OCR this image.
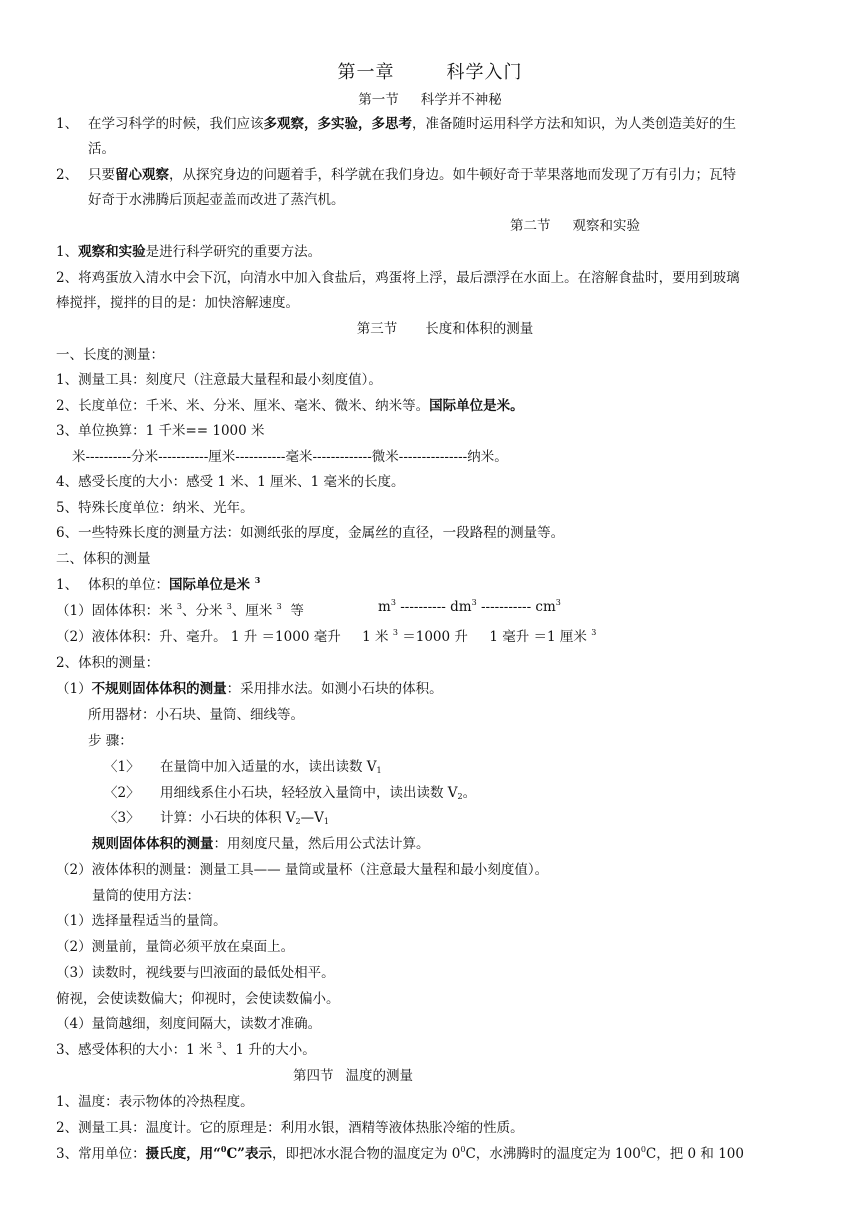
第一章	科学入门
第一节 科学并不神秘
1、 在学习科学的时候，我们应该多观察，多实验，多思考，准备随时运用科学方法和知识，为人类创造美好的生
活。
2、 只要留心观察，从探究身边的问题着手，科学就在我们身边。如牛顿好奇于苹果落地而发现了万有引力；瓦特
好奇于水沸腾后顶起壶盖而改进了蒸汽机。
第二节 观察和实验
1、观察和实验是进行科学研究的重要方法。
2、将鸡蛋放入清水中会下沉，向清水中加入食盐后，鸡蛋将上浮，最后漂浮在水面上。在溶解食盐时，要用到玻璃
棒搅拌，搅拌的目的是：加快溶解速度。
第三节 长度和体积的测量
一、长度的测量：
1、测量工具：刻度尺（注意最大量程和最小刻度值）。
2、长度单位：千米、米、分米、厘米、毫米、微米、纳米等。国际单位是米。
3、单位换算：1 千米== 1000 米
米----------分米-----------厘米-----------毫米-------------微米---------------纳米。
4、感受长度的大小：感受 1 米、1 厘米、1 毫米的长度。
5、特殊长度单位：纳米、光年。
6、一些特殊长度的测量方法：如测纸张的厚度，金属丝的直径，一段路程的测量等。
二、体积的测量
1、 体积的单位：国际单位是米 $^3$
（1）固体体积：米 $^3$、分米 $^3$、厘米 $^3$ 等	$m^3$ ---------- $dm^3$ ----------- $cm^3$
（2）液体体积：升、毫升。 1 升 ＝1000 毫升 1 米 $^3$ ＝1000 升 1 毫升 ＝1 厘米 $^3$
2、体积的测量：
（1）不规则固体体积的测量：采用排水法。如测小石块的体积。
所用器材：小石块、量筒、细线等。
步 骤：
〈1〉 在量筒中加入适量的水，读出读数 $V_1$
〈2〉 用细线系住小石块，轻轻放入量筒中，读出读数 $V_2$。
〈3〉 计算：小石块的体积 $V_2—V_1$
规则固体体积的测量：用刻度尺量，然后用公式法计算。
（2）液体体积的测量：测量工具—— 量筒或量杯（注意最大量程和最小刻度值）。
量筒的使用方法：
（1）选择量程适当的量筒。
（2）测量前，量筒必须平放在桌面上。
（3）读数时，视线要与凹液面的最低处相平。
俯视，会使读数偏大；仰视时，会使读数偏小。
（4）量筒越细，刻度间隔大，读数才准确。
3、感受体积的大小：1 米 $^3$、1 升的大小。
第四节 温度的测量
1、温度：表示物体的冷热程度。
2、测量工具：温度计。它的原理是：利用水银，酒精等液体热胀冷缩的性质。
3、常用单位：摄氏度，用“$^0$C”表示，即把冰水混合物的温度定为 $0^0C$，水沸腾时的温度定为 $100^0C$，把 0 和 100
